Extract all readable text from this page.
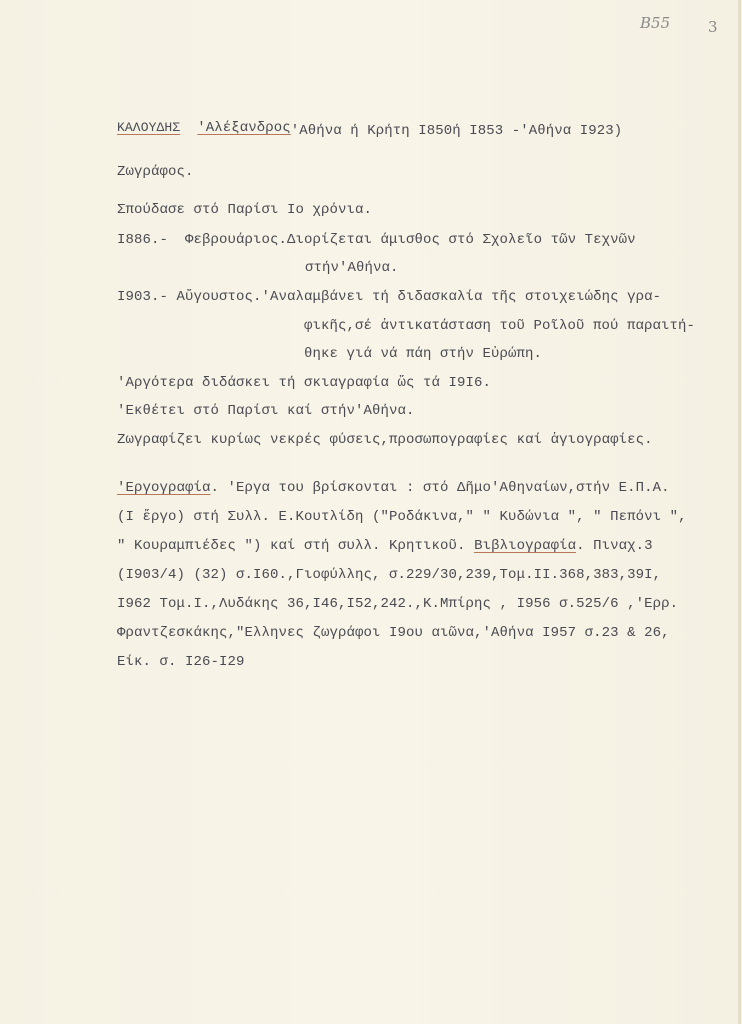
Β55	3
ΚΑΛΟΥΔΗΣ 'Αλέξανδρος'Αθήνα ή Κρήτη Ι850ή Ι853 -'Αθήνα Ι923)
Ζωγράφος.
Σπούδασε στό Παρίσι Ιο χρόνια.
Ι886.-  Φεβρουάριος.Διορίζεται άμισθος στό Σχολεῖο τῶν Τεχνῶν
στήν'Αθήνα.
Ι903.- Αὔγουστος.'Αναλαμβάνει τή διδασκαλία τῆς στοιχειώδης γρα-
φικῆς,σέ ἀντικατάσταση τοῦ Ροῖλοῦ πού παραιτή-
θηκε γιά νά πάη στήν Εὐρώπη.
'Αργότερα διδάσκει τή σκιαγραφία ὥς τά Ι9Ι6.
'Εκθέτει στό Παρίσι καί στήν'Αθήνα.
Ζωγραφίζει κυρίως νεκρές φύσεις,προσωπογραφίες καί ἁγιογραφίες.
'Εργογραφία. 'Εργα του βρίσκονται : στό Δῆμο'Αθηναίων,στήν Ε.Π.Α.
(Ι ἔργο) στή Συλλ. Ε.Κουτλίδη ("Ροδάκινα," " Κυδώνια ", " Πεπόνι ",
" Κουραμπιέδες ") καί στή συλλ. Κρητικοῦ. Βιβλιογραφία. Πιναχ.3
(Ι903/4) (32) σ.Ι60.,Γιοφύλλης, σ.229/30,239,Τομ.ΙΙ.368,383,39Ι,
Ι962 Τομ.Ι.,Λυδάκης 36,Ι46,Ι52,242.,Κ.Μπίρης , Ι956 σ.525/6 ,'Ερρ.
Φραντζεσκάκης,"Ελληνες ζωγράφοι Ι9ου αιῶνα,'Αθήνα Ι957 σ.23 & 26,
Είκ. σ. Ι26-Ι29
